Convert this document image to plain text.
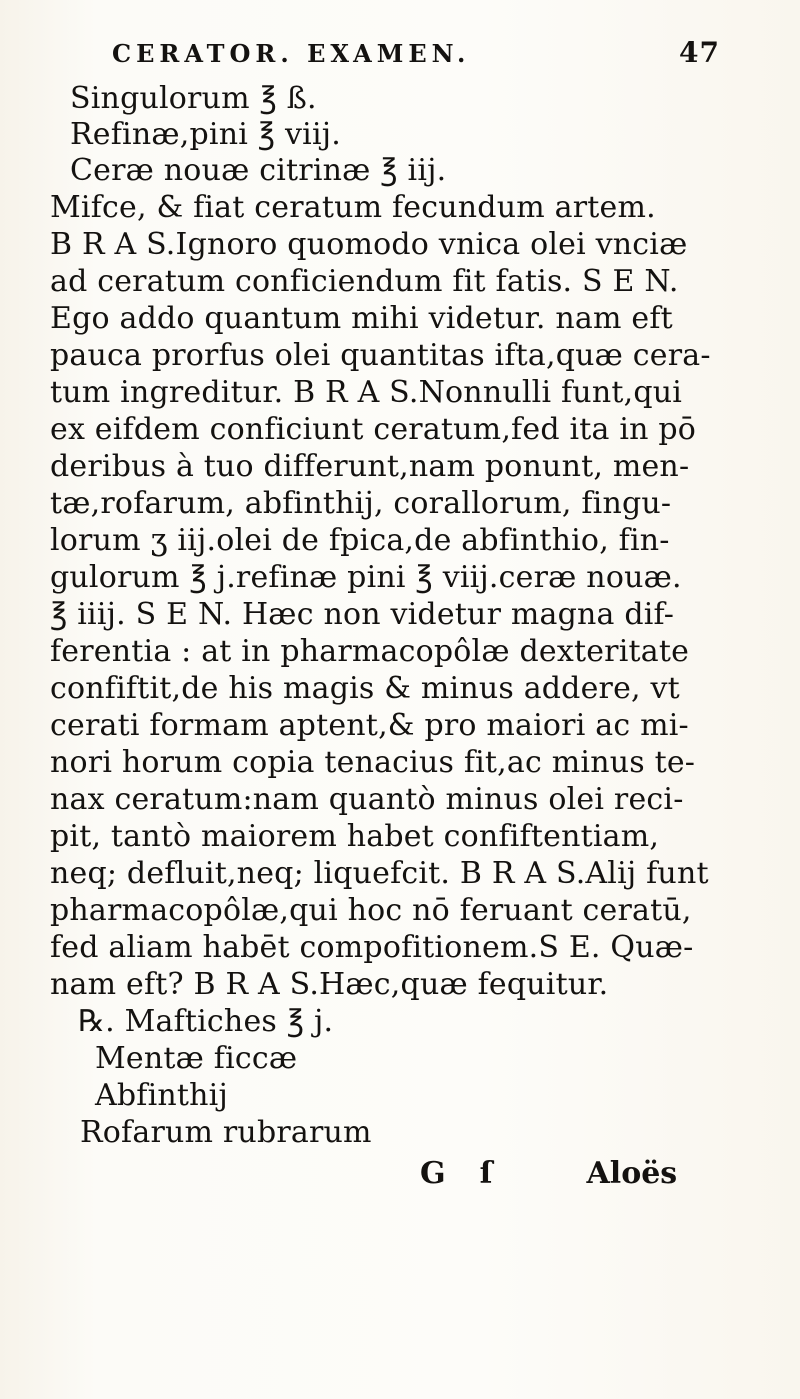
CERATOR. EXAMEN.	47
Singulorum ℥ ß.
Refinæ,pini ℥ viij.
Ceræ nouæ citrinæ ℥ iij.
Mifce, & fiat ceratum fecundum artem.
B R A S.Ignoro quomodo vnica olei vnciæ
ad ceratum conficiendum fit fatis. S E N.
Ego addo quantum mihi videtur. nam eft
pauca prorfus olei quantitas ifta,quæ cera-
tum ingreditur. B R A S.Nonnulli funt,qui
ex eifdem conficiunt ceratum,fed ita in pō
deribus à tuo differunt,nam ponunt, men-
tæ,rofarum, abfinthij, corallorum, fingu-
lorum ʒ iij.olei de fpica,de abfinthio, fin-
gulorum ℥ j.refinæ pini ℥ viij.ceræ nouæ.
℥ iiij. S E N. Hæc non videtur magna dif-
ferentia : at in pharmacopôlæ dexteritate
confiftit,de his magis & minus addere, vt
cerati formam aptent,& pro maiori ac mi-
nori horum copia tenacius fit,ac minus te-
nax ceratum:nam quantò minus olei reci-
pit, tantò maiorem habet confiftentiam,
neq; defluit,neq; liquefcit. B R A S.Alij funt
pharmacopôlæ,qui hoc nō feruant ceratū,
fed aliam habēt compofitionem.S E. Quæ-
nam eft? B R A S.Hæc,quæ fequitur.
℞. Maftiches ℥ j.
Mentæ ficcæ
Abfinthij
Rofarum rubrarum
G ſ	Aloës
